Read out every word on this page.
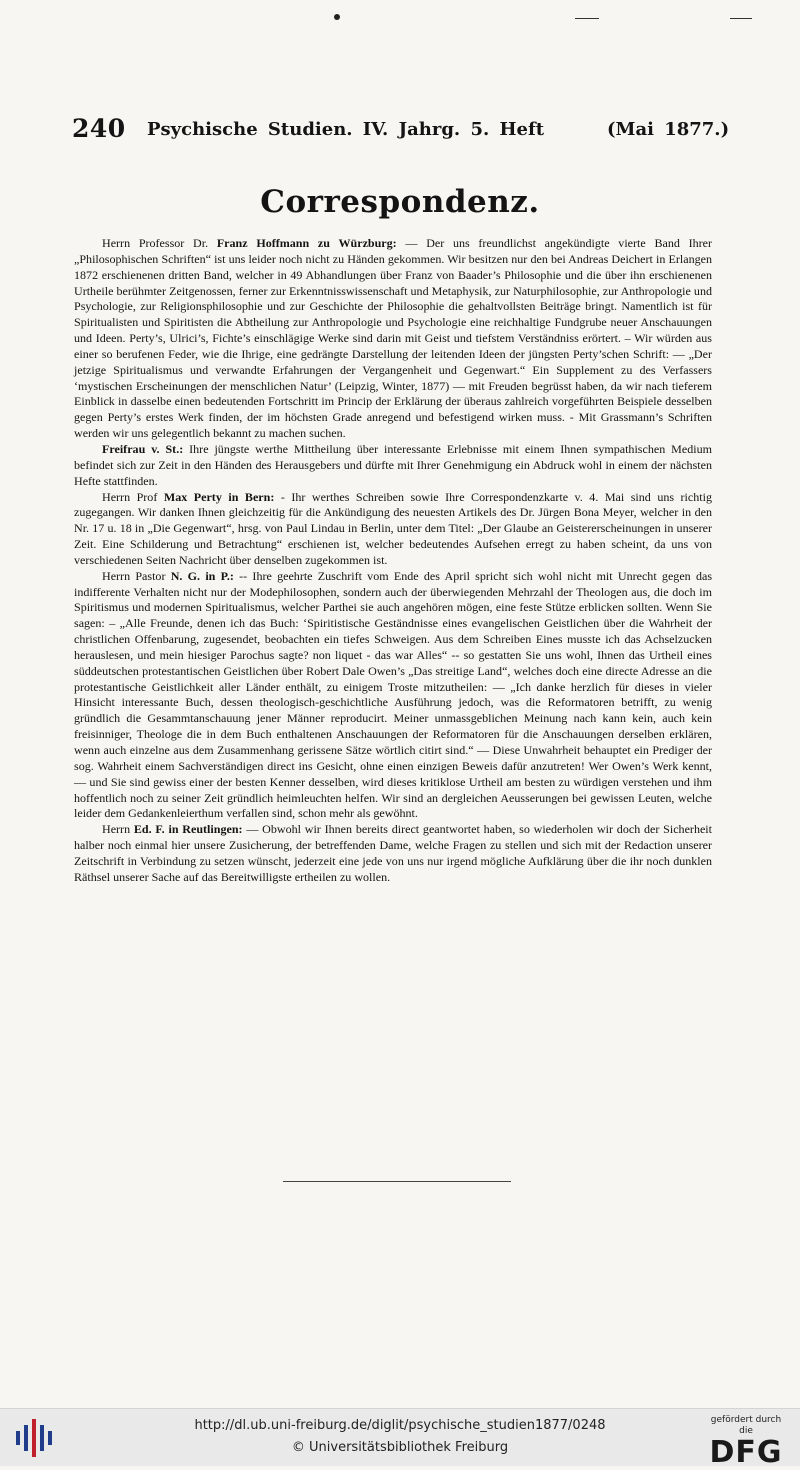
240 Psychische Studien. IV. Jahrg. 5. Heft	(Mai 1877.)
Correspondenz.

Herrn Professor Dr. Franz Hoffmann zu Würzburg: — Der uns freundlichst angekündigte vierte Band Ihrer „Philosophischen Schriften“ ist uns leider noch nicht zu Händen gekommen. Wir besitzen nur den bei Andreas Deichert in Erlangen 1872 erschienenen dritten Band, welcher in 49 Abhandlungen über Franz von Baader’s Philosophie und die über ihn erschienenen Urtheile berühmter Zeitgenossen, ferner zur Erkenntnisswissenschaft und Metaphysik, zur Naturphilosophie, zur Anthropologie und Psychologie, zur Religionsphilosophie und zur Geschichte der Philosophie die gehaltvollsten Beiträge bringt. Namentlich ist für Spiritualisten und Spiritisten die Abtheilung zur Anthropologie und Psychologie eine reichhaltige Fundgrube neuer Anschauungen und Ideen. Perty’s, Ulrici’s, Fichte’s einschlägige Werke sind darin mit Geist und tiefstem Verständniss erörtert. – Wir würden aus einer so berufenen Feder, wie die Ihrige, eine gedrängte Darstellung der leitenden Ideen der jüngsten Perty’schen Schrift: — „Der jetzige Spiritualismus und verwandte Erfahrungen der Vergangenheit und Gegenwart.“ Ein Supplement zu des Verfassers ‘mystischen Erscheinungen der menschlichen Natur’ (Leipzig, Winter, 1877) — mit Freuden begrüsst haben, da wir nach tieferem Einblick in dasselbe einen bedeutenden Fortschritt im Princip der Erklärung der überaus zahlreich vorgeführten Beispiele desselben gegen Perty’s erstes Werk finden, der im höchsten Grade anregend und befestigend wirken muss. - Mit Grassmann’s Schriften werden wir uns gelegentlich bekannt zu machen suchen.

Freifrau v. St.: Ihre jüngste werthe Mittheilung über interessante Erlebnisse mit einem Ihnen sympathischen Medium befindet sich zur Zeit in den Händen des Herausgebers und dürfte mit Ihrer Genehmigung ein Abdruck wohl in einem der nächsten Hefte stattfinden.

Herrn Prof Max Perty in Bern: - Ihr werthes Schreiben sowie Ihre Correspondenzkarte v. 4. Mai sind uns richtig zugegangen. Wir danken Ihnen gleichzeitig für die Ankündigung des neuesten Artikels des Dr. Jürgen Bona Meyer, welcher in den Nr. 17 u. 18 in „Die Gegenwart“, hrsg. von Paul Lindau in Berlin, unter dem Titel: „Der Glaube an Geistererscheinungen in unserer Zeit. Eine Schilderung und Betrachtung“ erschienen ist, welcher bedeutendes Aufsehen erregt zu haben scheint, da uns von verschiedenen Seiten Nachricht über denselben zugekommen ist.

Herrn Pastor N. G. in P.: -- Ihre geehrte Zuschrift vom Ende des April spricht sich wohl nicht mit Unrecht gegen das indifferente Verhalten nicht nur der Modephilosophen, sondern auch der überwiegenden Mehrzahl der Theologen aus, die doch im Spiritismus und modernen Spiritualismus, welcher Parthei sie auch angehören mögen, eine feste Stütze erblicken sollten. Wenn Sie sagen: – „Alle Freunde, denen ich das Buch: ‘Spiritistische Geständnisse eines evangelischen Geistlichen über die Wahrheit der christlichen Offenbarung, zugesendet, beobachten ein tiefes Schweigen. Aus dem Schreiben Eines musste ich das Achselzucken herauslesen, und mein hiesiger Parochus sagte? non liquet - das war Alles“ -- so gestatten Sie uns wohl, Ihnen das Urtheil eines süddeutschen protestantischen Geistlichen über Robert Dale Owen’s „Das streitige Land“, welches doch eine directe Adresse an die protestantische Geistlichkeit aller Länder enthält, zu einigem Troste mitzutheilen: — „Ich danke herzlich für dieses in vieler Hinsicht interessante Buch, dessen theologisch-geschichtliche Ausführung jedoch, was die Reformatoren betrifft, zu wenig gründlich die Gesammtanschauung jener Männer reproducirt. Meiner unmassgeblichen Meinung nach kann kein, auch kein freisinniger, Theologe die in dem Buch enthaltenen Anschauungen der Reformatoren für die Anschauungen derselben erklären, wenn auch einzelne aus dem Zusammenhang gerissene Sätze wörtlich citirt sind.“ — Diese Unwahrheit behauptet ein Prediger der sog. Wahrheit einem Sachverständigen direct ins Gesicht, ohne einen einzigen Beweis dafür anzutreten! Wer Owen’s Werk kennt, — und Sie sind gewiss einer der besten Kenner desselben, wird dieses kritiklose Urtheil am besten zu würdigen verstehen und ihm hoffentlich noch zu seiner Zeit gründlich heimleuchten helfen. Wir sind an dergleichen Aeusserungen bei gewissen Leuten, welche leider dem Gedankenleierthum verfallen sind, schon mehr als gewöhnt.

Herrn Ed. F. in Reutlingen: — Obwohl wir Ihnen bereits direct geantwortet haben, so wiederholen wir doch der Sicherheit halber noch einmal hier unsere Zusicherung, der betreffenden Dame, welche Fragen zu stellen und sich mit der Redaction unserer Zeitschrift in Verbindung zu setzen wünscht, jederzeit eine jede von uns nur irgend mögliche Aufklärung über die ihr noch dunklen Räthsel unserer Sache auf das Bereitwilligste ertheilen zu wollen.

http://dl.ub.uni-freiburg.de/diglit/psychische_studien1877/0248
© Universitätsbibliothek Freiburg
gefördert durch die
DFG
